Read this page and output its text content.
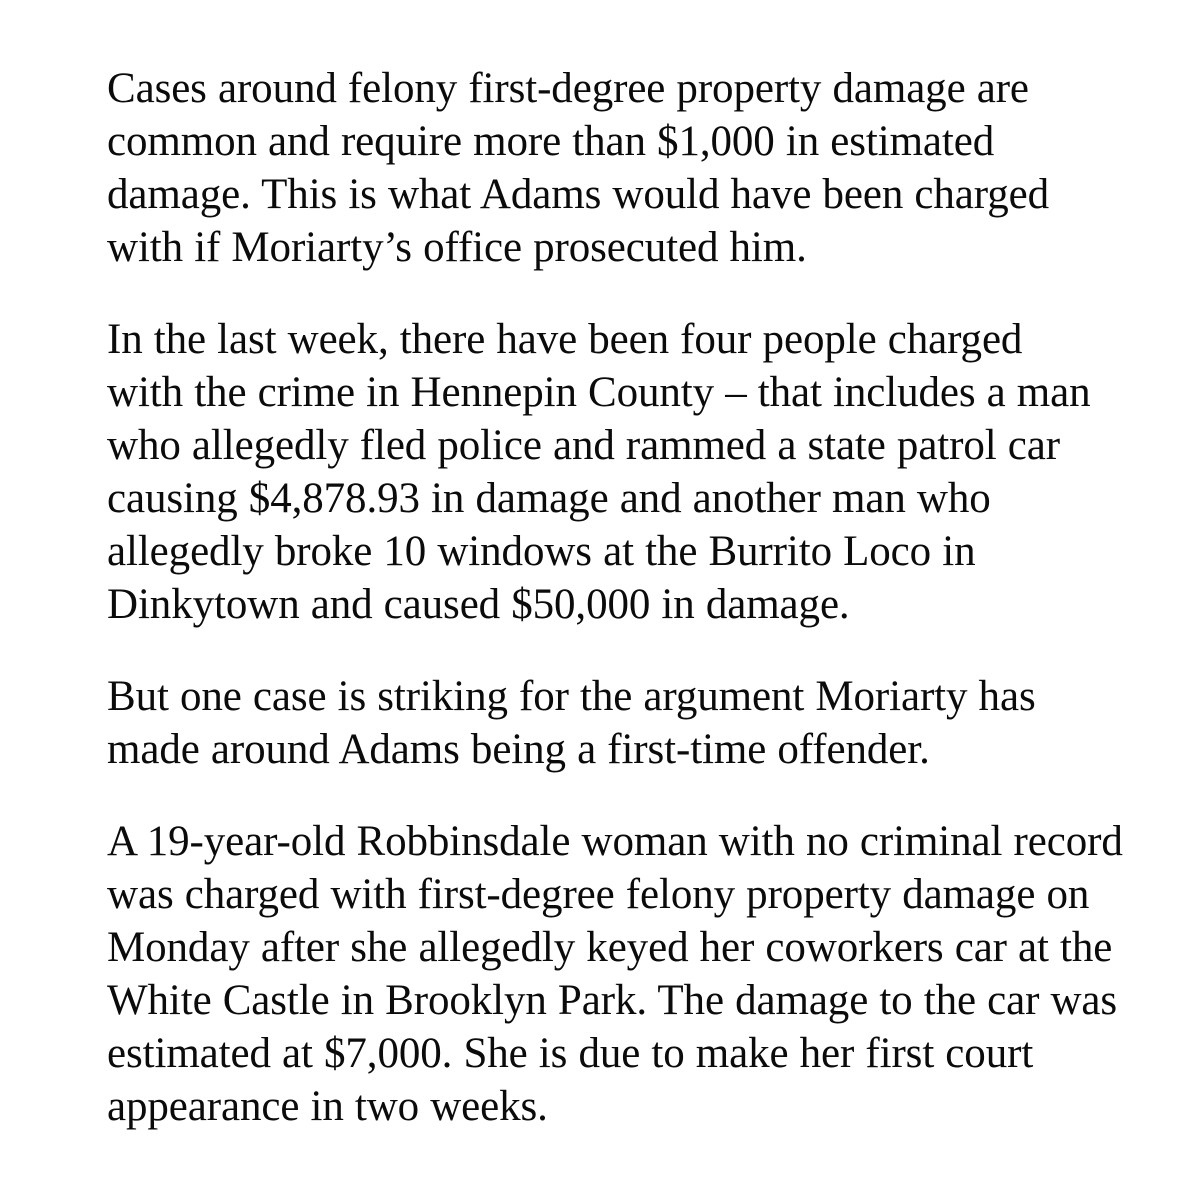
Cases around felony first-degree property damage are
common and require more than $1,000 in estimated
damage. This is what Adams would have been charged
with if Moriarty’s office prosecuted him.

In the last week, there have been four people charged
with the crime in Hennepin County – that includes a man
who allegedly fled police and rammed a state patrol car
causing $4,878.93 in damage and another man who
allegedly broke 10 windows at the Burrito Loco in
Dinkytown and caused $50,000 in damage.

But one case is striking for the argument Moriarty has
made around Adams being a first-time offender.

A 19-year-old Robbinsdale woman with no criminal record
was charged with first-degree felony property damage on
Monday after she allegedly keyed her coworkers car at the
White Castle in Brooklyn Park. The damage to the car was
estimated at $7,000. She is due to make her first court
appearance in two weeks.
